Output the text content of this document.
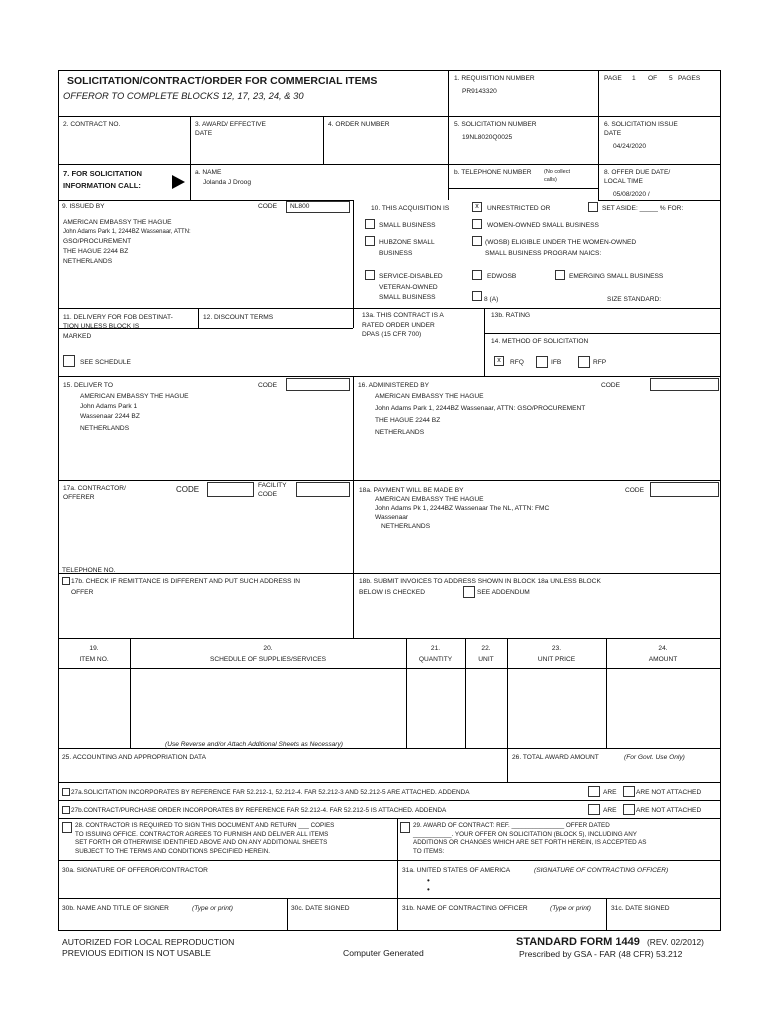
SOLICITATION/CONTRACT/ORDER FOR COMMERCIAL ITEMS
OFFEROR TO COMPLETE BLOCKS 12, 17, 23, 24, & 30
1. REQUISITION NUMBER
PR9143320
PAGE 1 OF 5 PAGES
2. CONTRACT NO.	3. AWARD/ EFFECTIVE
DATE
4. ORDER NUMBER	5. SOLICITATION NUMBER
19NL8020Q0025
6. SOLICITATION ISSUE
DATE
04/24/2020
7. FOR SOLICITATION
INFORMATION CALL:
a. NAME
Jolanda J Droog
b. TELEPHONE NUMBER	(No collect
calls)
8. OFFER DUE DATE/
LOCAL TIME
05/08/2020 /
9. ISSUED BY	CODE NL800
AMERICAN EMBASSY THE HAGUE
John Adams Park 1, 2244BZ Wassenaar, ATTN:
GSO/PROCUREMENT
THE HAGUE 2244 BZ
NETHERLANDS
10. THIS ACQUISITION IS	x	UNRESTRICTED OR	SET ASIDE: _____ % FOR:
SMALL BUSINESS	WOMEN-OWNED SMALL BUSINESS
HUBZONE SMALL
BUSINESS
(WOSB) ELIGIBLE UNDER THE WOMEN-OWNED
SMALL BUSINESS PROGRAM NAICS:
SERVICE-DISABLED
VETERAN-OWNED
SMALL BUSINESS
EDWOSB	EMERGING SMALL BUSINESS
8 (A)	SIZE STANDARD:
11. DELIVERY FOR FOB DESTINAT-
TION UNLESS BLOCK IS
MARKED
12. DISCOUNT TERMS
SEE SCHEDULE
13a. THIS CONTRACT IS A
RATED ORDER UNDER
DPAS (15 CFR 700)
13b. RATING
14. METHOD OF SOLICITATION
x	RFQ	IFB	RFP
15. DELIVER TO	CODE
AMERICAN EMBASSY THE HAGUE
John Adams Park 1
Wassenaar 2244 BZ
NETHERLANDS
16. ADMINISTERED BY	CODE
AMERICAN EMBASSY THE HAGUE
John Adams Park 1, 2244BZ Wassenaar, ATTN: GSO/PROCUREMENT
THE HAGUE 2244 BZ
NETHERLANDS
17a. CONTRACTOR/
OFFERER
CODE	FACILITY
CODE
TELEPHONE NO.
17b. CHECK IF REMITTANCE IS DIFFERENT AND PUT SUCH ADDRESS IN
OFFER
18a. PAYMENT WILL BE MADE BY	CODE
AMERICAN EMBASSY THE HAGUE
John Adams Pk 1, 2244BZ Wassenaar The NL, ATTN: FMC
Wassenaar
NETHERLANDS
18b. SUBMIT INVOICES TO ADDRESS SHOWN IN BLOCK 18a UNLESS BLOCK
BELOW IS CHECKED	SEE ADDENDUM
19.
ITEM NO.
20.
SCHEDULE OF SUPPLIES/SERVICES
21.
QUANTITY
22.
UNIT
23.
UNIT PRICE
24.
AMOUNT
(Use Reverse and/or Attach Additional Sheets as Necessary)
25. ACCOUNTING AND APPROPRIATION DATA	26. TOTAL AWARD AMOUNT	(For Govt. Use Only)
27a.SOLICITATION INCORPORATES BY REFERENCE FAR 52.212-1, 52.212-4. FAR 52.212-3 AND 52.212-5 ARE ATTACHED. ADDENDA	ARE	ARE NOT ATTACHED
27b.CONTRACT/PURCHASE ORDER INCORPORATES BY REFERENCE FAR 52.212-4. FAR 52.212-5 IS ATTACHED. ADDENDA	ARE	ARE NOT ATTACHED
28. CONTRACTOR IS REQUIRED TO SIGN THIS DOCUMENT AND RETURN ___ COPIES
TO ISSUING OFFICE. CONTRACTOR AGREES TO FURNISH AND DELIVER ALL ITEMS
SET FORTH OR OTHERWISE IDENTIFIED ABOVE AND ON ANY ADDITIONAL SHEETS
SUBJECT TO THE TERMS AND CONDITIONS SPECIFIED HEREIN.
29. AWARD OF CONTRACT: REF. _______________ OFFER DATED
___________. YOUR OFFER ON SOLICITATION (BLOCK 5), INCLUDING ANY
ADDITIONS OR CHANGES WHICH ARE SET FORTH HEREIN, IS ACCEPTED AS
TO ITEMS:
30a. SIGNATURE OF OFFEROR/CONTRACTOR	31a. UNITED STATES OF AMERICA	(SIGNATURE OF CONTRACTING OFFICER)
•
•
30b. NAME AND TITLE OF SIGNER	(Type or print)	30c. DATE SIGNED	31b. NAME OF CONTRACTING OFFICER	(Type or print)	31c. DATE SIGNED
AUTORIZED FOR LOCAL REPRODUCTION
PREVIOUS EDITION IS NOT USABLE	Computer Generated
STANDARD FORM 1449 (REV. 02/2012)
Prescribed by GSA - FAR (48 CFR) 53.212
